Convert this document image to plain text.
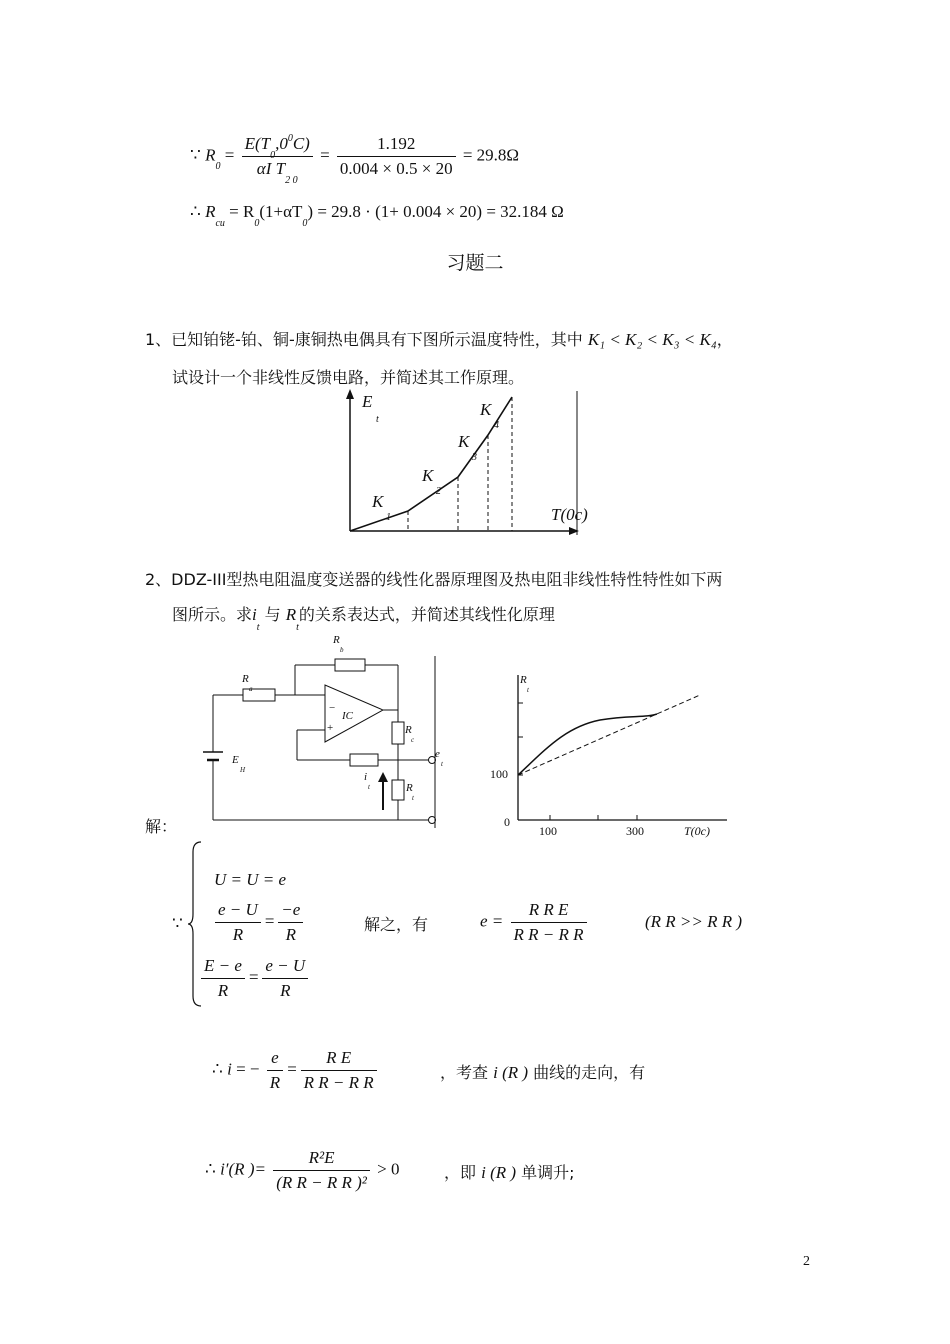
∵ $R_0 = \frac{E(T_0,0^0C)}{\alpha I T_{2 0}} = \frac{1.192}{0.004 \times 0.5 \times 20} = 29.8\Omega$
∴ $R_{cu} = R_0(1+\alpha T_0) = 29.8 \cdot (1+ 0.004 \times 20) = 32.184$ Ω
习题二
1、已知铂铑-铂、铜-康铜热电偶具有下图所示温度特性，其中 K₁ < K₂ < K₃ < K₄，
试设计一个非线性反馈电路，并简述其工作原理。
E
t
K
1
K
2
K
3
K
4
T(0c)
2、DDZ-III型热电阻温度变送器的线性化器原理图及热电阻非线性特性特性如下两
图所示。求$i_t$ 与 $R_t$的关系表达式，并简述其线性化原理
R
b
R
a
IC
−
+	R
c
E
H
e
t
i
t	R
t
R
t
100
0
100	300	T(0c)
解：
∵
U = U = e
$\frac{e - U}{R} = \frac{-e}{R}$
$\frac{E - e}{R} = \frac{e - U}{R}$
解之，有	$e = \frac{\text{R R E}}{\text{R R − R R}}$	(R R >> R R )
∴ i = − $\frac{e}{R} = \frac{\text{R E}}{\text{R R − R R}}$	，考查 i (R ) 曲线的走向，有
∴ i′(R )= $\frac{\text{R²E}}{\text{(R R − R R )²}} > 0$	，即 i (R ) 单调升;
2
